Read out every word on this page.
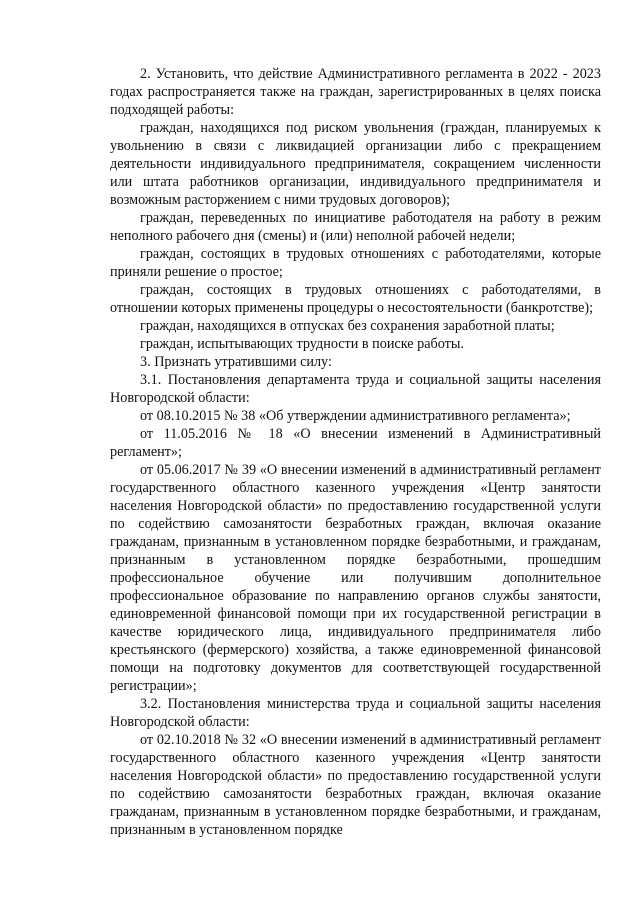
2. Установить, что действие Административного регламента в 2022 - 2023 годах распространяется также на граждан, зарегистрированных в целях поиска подходящей работы:

граждан, находящихся под риском увольнения (граждан, планируемых к увольнению в связи с ликвидацией организации либо с прекращением деятельности индивидуального предпринимателя, сокращением численности или штата работников организации, индивидуального предпринимателя и возможным расторжением с ними трудовых договоров);

граждан, переведенных по инициативе работодателя на работу в режим неполного рабочего дня (смены) и (или) неполной рабочей недели;

граждан, состоящих в трудовых отношениях с работодателями, которые приняли решение о простое;

граждан, состоящих в трудовых отношениях с работодателями, в отношении которых применены процедуры о несостоятельности (банкротстве);

граждан, находящихся в отпусках без сохранения заработной платы;

граждан, испытывающих трудности в поиске работы.

3. Признать утратившими силу:

3.1. Постановления департамента труда и социальной защиты населения Новгородской области:

от 08.10.2015 № 38 «Об утверждении административного регламента»;

от 11.05.2016 № 18 «О внесении изменений в Административный регламент»;

от 05.06.2017 № 39 «О внесении изменений в административный регламент государственного областного казенного учреждения «Центр занятости населения Новгородской области» по предоставлению государственной услуги по содействию самозанятости безработных граждан, включая оказание гражданам, признанным в установленном порядке безработными, и гражданам, признанным в установленном порядке безработными, прошедшим профессиональное обучение или получившим дополнительное профессиональное образование по направлению органов службы занятости, единовременной финансовой помощи при их государственной регистрации в качестве юридического лица, индивидуального предпринимателя либо крестьянского (фермерского) хозяйства, а также единовременной финансовой помощи на подготовку документов для соответствующей государственной регистрации»;

3.2. Постановления министерства труда и социальной защиты населения Новгородской области:

от 02.10.2018 № 32 «О внесении изменений в административный регламент государственного областного казенного учреждения «Центр занятости населения Новгородской области» по предоставлению государственной услуги по содействию самозанятости безработных граждан, включая оказание гражданам, признанным в установленном порядке безработными, и гражданам, признанным в установленном порядке
